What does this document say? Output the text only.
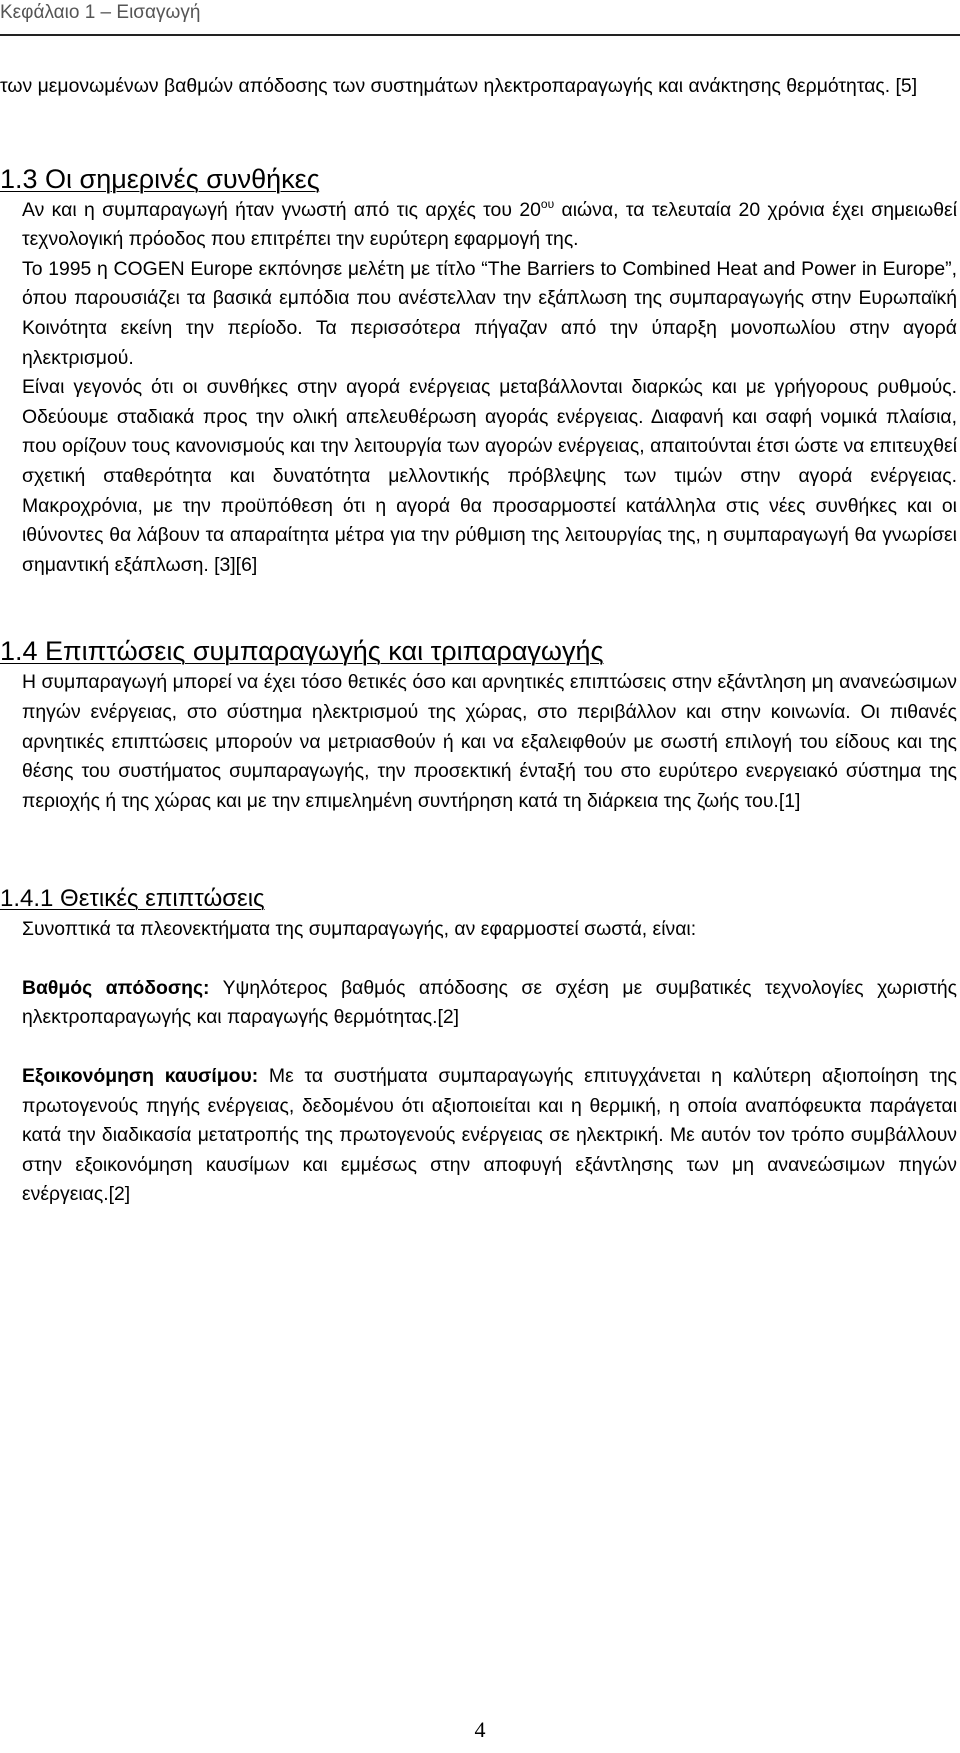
Κεφάλαιο 1 – Εισαγωγή

των μεμονωμένων βαθμών απόδοσης των συστημάτων ηλεκτροπαραγωγής και ανάκτησης θερμότητας. [5]

1.3 Οι σημερινές συνθήκες

Αν και η συμπαραγωγή ήταν γνωστή από τις αρχές του $20^{o\upsilon}$ αιώνα, τα τελευταία 20 χρόνια έχει σημειωθεί τεχνολογική πρόοδος που επιτρέπει την ευρύτερη εφαρμογή της.

Το 1995 η COGEN Europe εκπόνησε μελέτη με τίτλο “The Barriers to Combined Heat and Power in Europe”, όπου παρουσιάζει τα βασικά εμπόδια που ανέστελλαν την εξάπλωση της συμπαραγωγής στην Ευρωπαϊκή Κοινότητα εκείνη την περίοδο. Τα περισσότερα πήγαζαν από την ύπαρξη μονοπωλίου στην αγορά ηλεκτρισμού.

Είναι γεγονός ότι οι συνθήκες στην αγορά ενέργειας μεταβάλλονται διαρκώς και με γρήγορους ρυθμούς. Οδεύουμε σταδιακά προς την ολική απελευθέρωση αγοράς ενέργειας. Διαφανή και σαφή νομικά πλαίσια, που ορίζουν τους κανονισμούς και την λειτουργία των αγορών ενέργειας, απαιτούνται έτσι ώστε να επιτευχθεί σχετική σταθερότητα και δυνατότητα μελλοντικής πρόβλεψης των τιμών στην αγορά ενέργειας. Μακροχρόνια, με την προϋπόθεση ότι η αγορά θα προσαρμοστεί κατάλληλα στις νέες συνθήκες και οι ιθύνοντες θα λάβουν τα απαραίτητα μέτρα για την ρύθμιση της λειτουργίας της, η συμπαραγωγή θα γνωρίσει σημαντική εξάπλωση. [3][6]

1.4 Επιπτώσεις συμπαραγωγής και τριπαραγωγής

Η συμπαραγωγή μπορεί να έχει τόσο θετικές όσο και αρνητικές επιπτώσεις στην εξάντληση μη ανανεώσιμων πηγών ενέργειας, στο σύστημα ηλεκτρισμού της χώρας, στο περιβάλλον και στην κοινωνία. Οι πιθανές αρνητικές επιπτώσεις μπορούν να μετριασθούν ή και να εξαλειφθούν με σωστή επιλογή του είδους και της θέσης του συστήματος συμπαραγωγής, την προσεκτική ένταξή του στο ευρύτερο ενεργειακό σύστημα της περιοχής ή της χώρας και με την επιμελημένη συντήρηση κατά τη διάρκεια της ζωής του.[1]

1.4.1 Θετικές επιπτώσεις

Συνοπτικά τα πλεονεκτήματα της συμπαραγωγής, αν εφαρμοστεί σωστά, είναι:

Βαθμός απόδοσης: Υψηλότερος βαθμός απόδοσης σε σχέση με συμβατικές τεχνολογίες χωριστής ηλεκτροπαραγωγής και παραγωγής θερμότητας.[2]

Εξοικονόμηση καυσίμου: Με τα συστήματα συμπαραγωγής επιτυγχάνεται η καλύτερη αξιοποίηση της πρωτογενούς πηγής ενέργειας, δεδομένου ότι αξιοποιείται και η θερμική, η οποία αναπόφευκτα παράγεται κατά την διαδικασία μετατροπής της πρωτογενούς ενέργειας σε ηλεκτρική. Με αυτόν τον τρόπο συμβάλλουν στην εξοικονόμηση καυσίμων και εμμέσως στην αποφυγή εξάντλησης των μη ανανεώσιμων πηγών ενέργειας.[2]

4
